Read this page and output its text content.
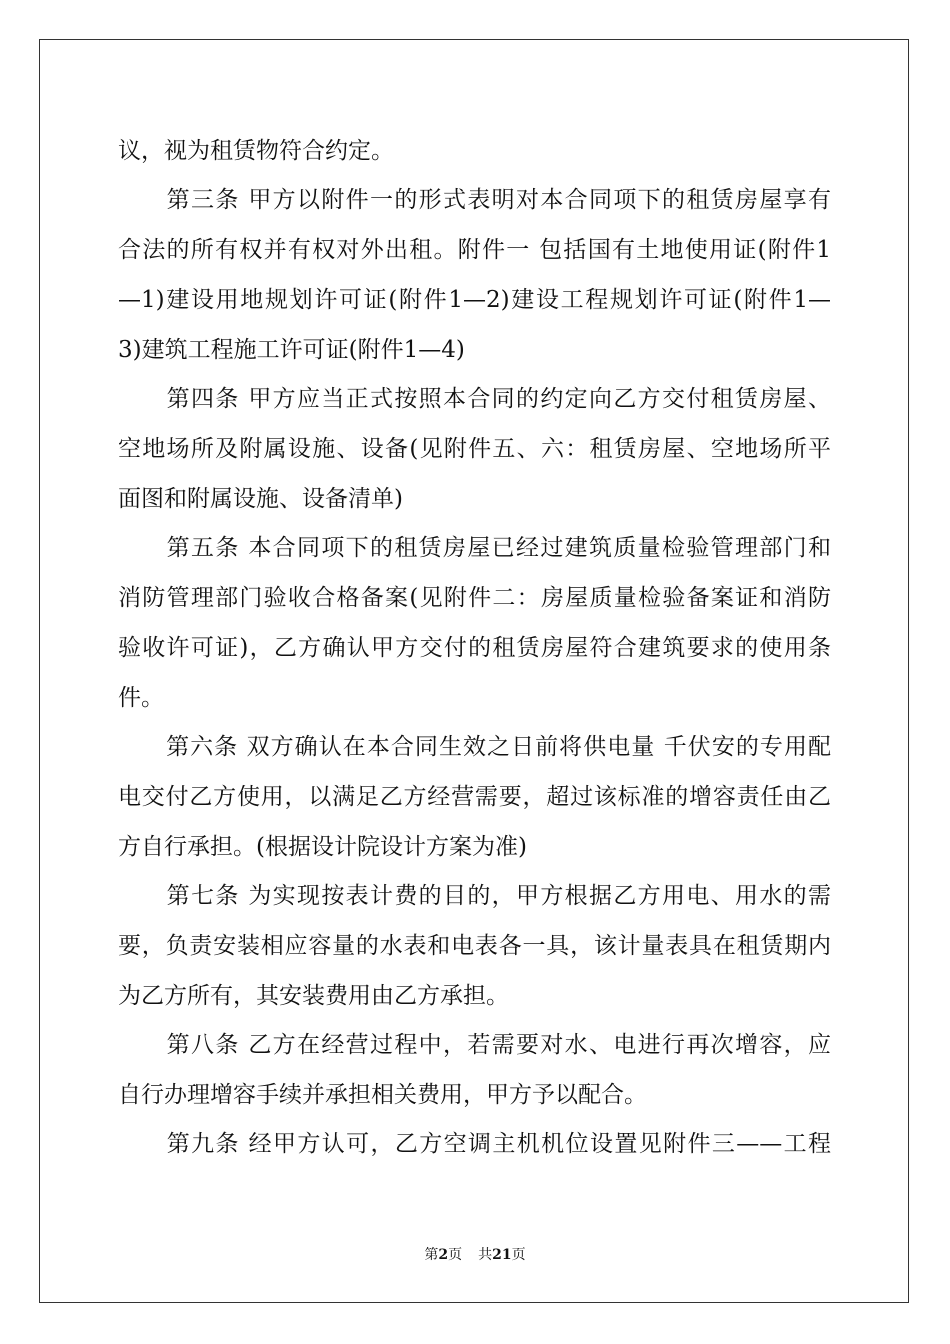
议，视为租赁物符合约定。
　　第三条 甲方以附件一的形式表明对本合同项下的租赁房屋享有
合法的所有权并有权对外出租。附件一 包括国有土地使用证(附件1
—1)建设用地规划许可证(附件1—2)建设工程规划许可证(附件1—
3)建筑工程施工许可证(附件1—4)
　　第四条 甲方应当正式按照本合同的约定向乙方交付租赁房屋、
空地场所及附属设施、设备(见附件五、六：租赁房屋、空地场所平
面图和附属设施、设备清单)
　　第五条 本合同项下的租赁房屋已经过建筑质量检验管理部门和
消防管理部门验收合格备案(见附件二：房屋质量检验备案证和消防
验收许可证)，乙方确认甲方交付的租赁房屋符合建筑要求的使用条
件。
　　第六条 双方确认在本合同生效之日前将供电量 千伏安的专用配
电交付乙方使用，以满足乙方经营需要，超过该标准的增容责任由乙
方自行承担。(根据设计院设计方案为准)
　　第七条 为实现按表计费的目的，甲方根据乙方用电、用水的需
要，负责安装相应容量的水表和电表各一具，该计量表具在租赁期内
为乙方所有，其安装费用由乙方承担。
　　第八条 乙方在经营过程中，若需要对水、电进行再次增容，应
自行办理增容手续并承担相关费用，甲方予以配合。
　　第九条 经甲方认可，乙方空调主机机位设置见附件三——工程
第2页 共21页
